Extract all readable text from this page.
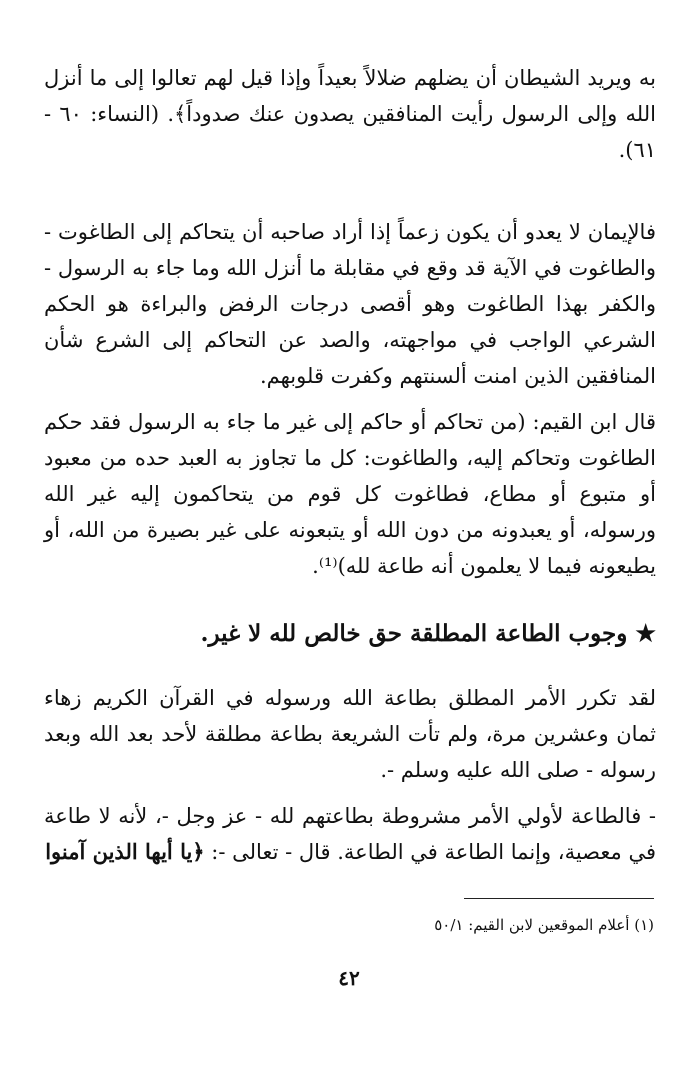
به ويريد الشيطان أن يضلهم ضلالاً بعيداً وإذا قيل لهم تعالوا إلى ما أنزل الله وإلى الرسول رأيت المنافقين يصدون عنك صدوداً﴾. (النساء: ٦٠ - ٦١).

فالإيمان لا يعدو أن يكون زعماً إذا أراد صاحبه أن يتحاكم إلى الطاغوت - والطاغوت في الآية قد وقع في مقابلة ما أنزل الله وما جاء به الرسول - والكفر بهذا الطاغوت وهو أقصى درجات الرفض والبراءة هو الحكم الشرعي الواجب في مواجهته، والصد عن التحاكم إلى الشرع شأن المنافقين الذين امنت ألسنتهم وكفرت قلوبهم.

قال ابن القيم: (من تحاكم أو حاكم إلى غير ما جاء به الرسول فقد حكم الطاغوت وتحاكم إليه، والطاغوت: كل ما تجاوز به العبد حده من معبود أو متبوع أو مطاع، فطاغوت كل قوم من يتحاكمون إليه غير الله ورسوله، أو يعبدونه من دون الله أو يتبعونه على غير بصيرة من الله، أو يطيعونه فيما لا يعلمون أنه طاعة لله)⁽¹⁾.

★وجوب الطاعة المطلقة حق خالص لله لا غير.

لقد تكرر الأمر المطلق بطاعة الله ورسوله في القرآن الكريم زهاء ثمان وعشرين مرة، ولم تأت الشريعة بطاعة مطلقة لأحد بعد الله وبعد رسوله - صلى الله عليه وسلم -.

- فالطاعة لأولي الأمر مشروطة بطاعتهم لله - عز وجل -، لأنه لا طاعة في معصية، وإنما الطاعة في الطاعة. قال - تعالى -: ﴿يا أيها الذين آمنوا

(١) أعلام الموقعين لابن القيم: ٥٠/١
٤٢
